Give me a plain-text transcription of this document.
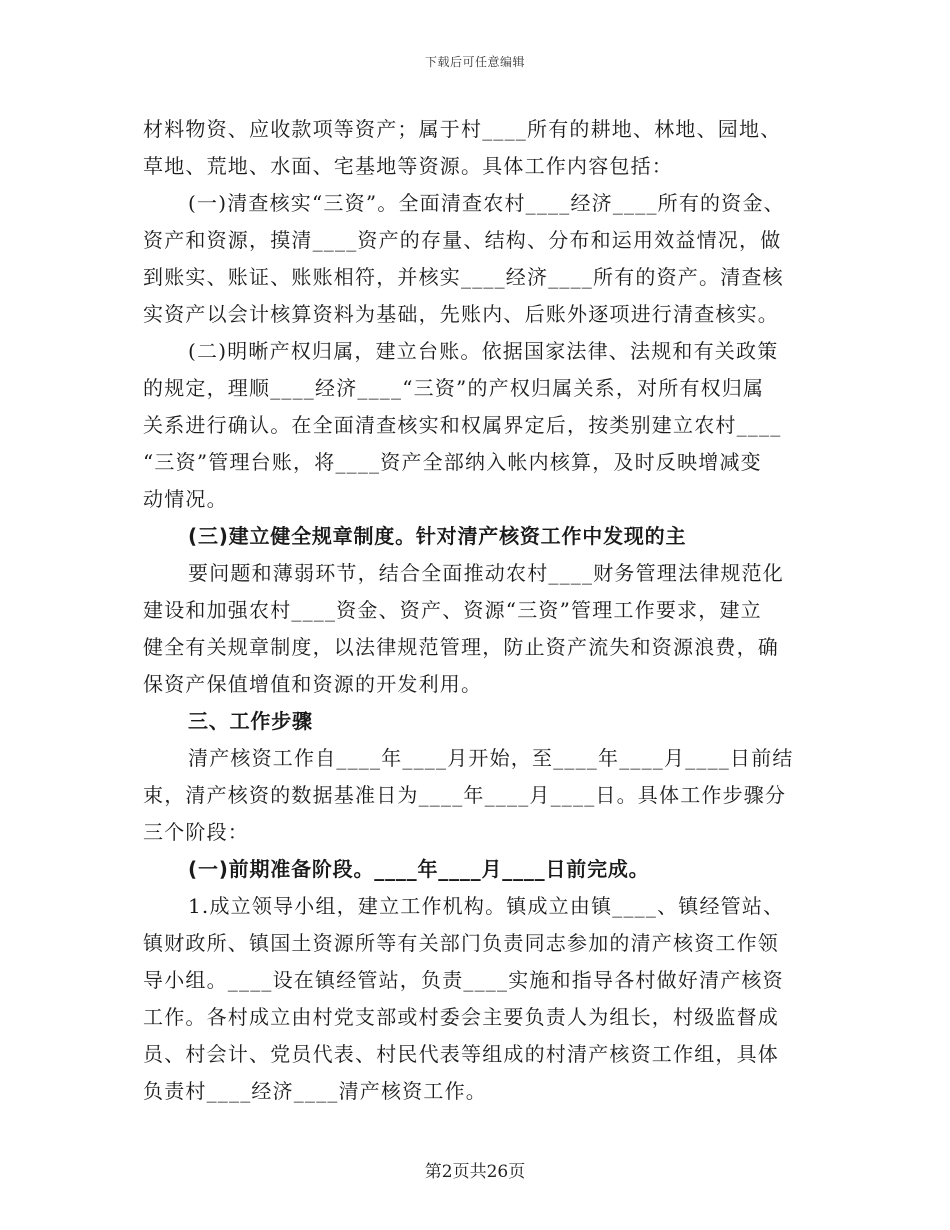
下载后可任意编辑
材料物资、应收款项等资产；属于村____所有的耕地、林地、园地、
草地、荒地、水面、宅基地等资源。具体工作内容包括：
(一)清查核实“三资”。全面清查农村____经济____所有的资金、
资产和资源，摸清____资产的存量、结构、分布和运用效益情况，做
到账实、账证、账账相符，并核实____经济____所有的资产。清查核
实资产以会计核算资料为基础，先账内、后账外逐项进行清查核实。
(二)明晰产权归属，建立台账。依据国家法律、法规和有关政策
的规定，理顺____经济____“三资”的产权归属关系，对所有权归属
关系进行确认。在全面清查核实和权属界定后，按类别建立农村____
“三资”管理台账，将____资产全部纳入帐内核算，及时反映增减变
动情况。
(三)建立健全规章制度。针对清产核资工作中发现的主
要问题和薄弱环节，结合全面推动农村____财务管理法律规范化
建设和加强农村____资金、资产、资源“三资”管理工作要求，建立
健全有关规章制度，以法律规范管理，防止资产流失和资源浪费，确
保资产保值增值和资源的开发利用。
三、工作步骤
清产核资工作自____年____月开始，至____年____月____日前结
束，清产核资的数据基准日为____年____月____日。具体工作步骤分
三个阶段：
(一)前期准备阶段。____年____月____日前完成。
1.成立领导小组，建立工作机构。镇成立由镇____、镇经管站、
镇财政所、镇国土资源所等有关部门负责同志参加的清产核资工作领
导小组。____设在镇经管站，负责____实施和指导各村做好清产核资
工作。各村成立由村党支部或村委会主要负责人为组长，村级监督成
员、村会计、党员代表、村民代表等组成的村清产核资工作组，具体
负责村____经济____清产核资工作。
第2页共26页
